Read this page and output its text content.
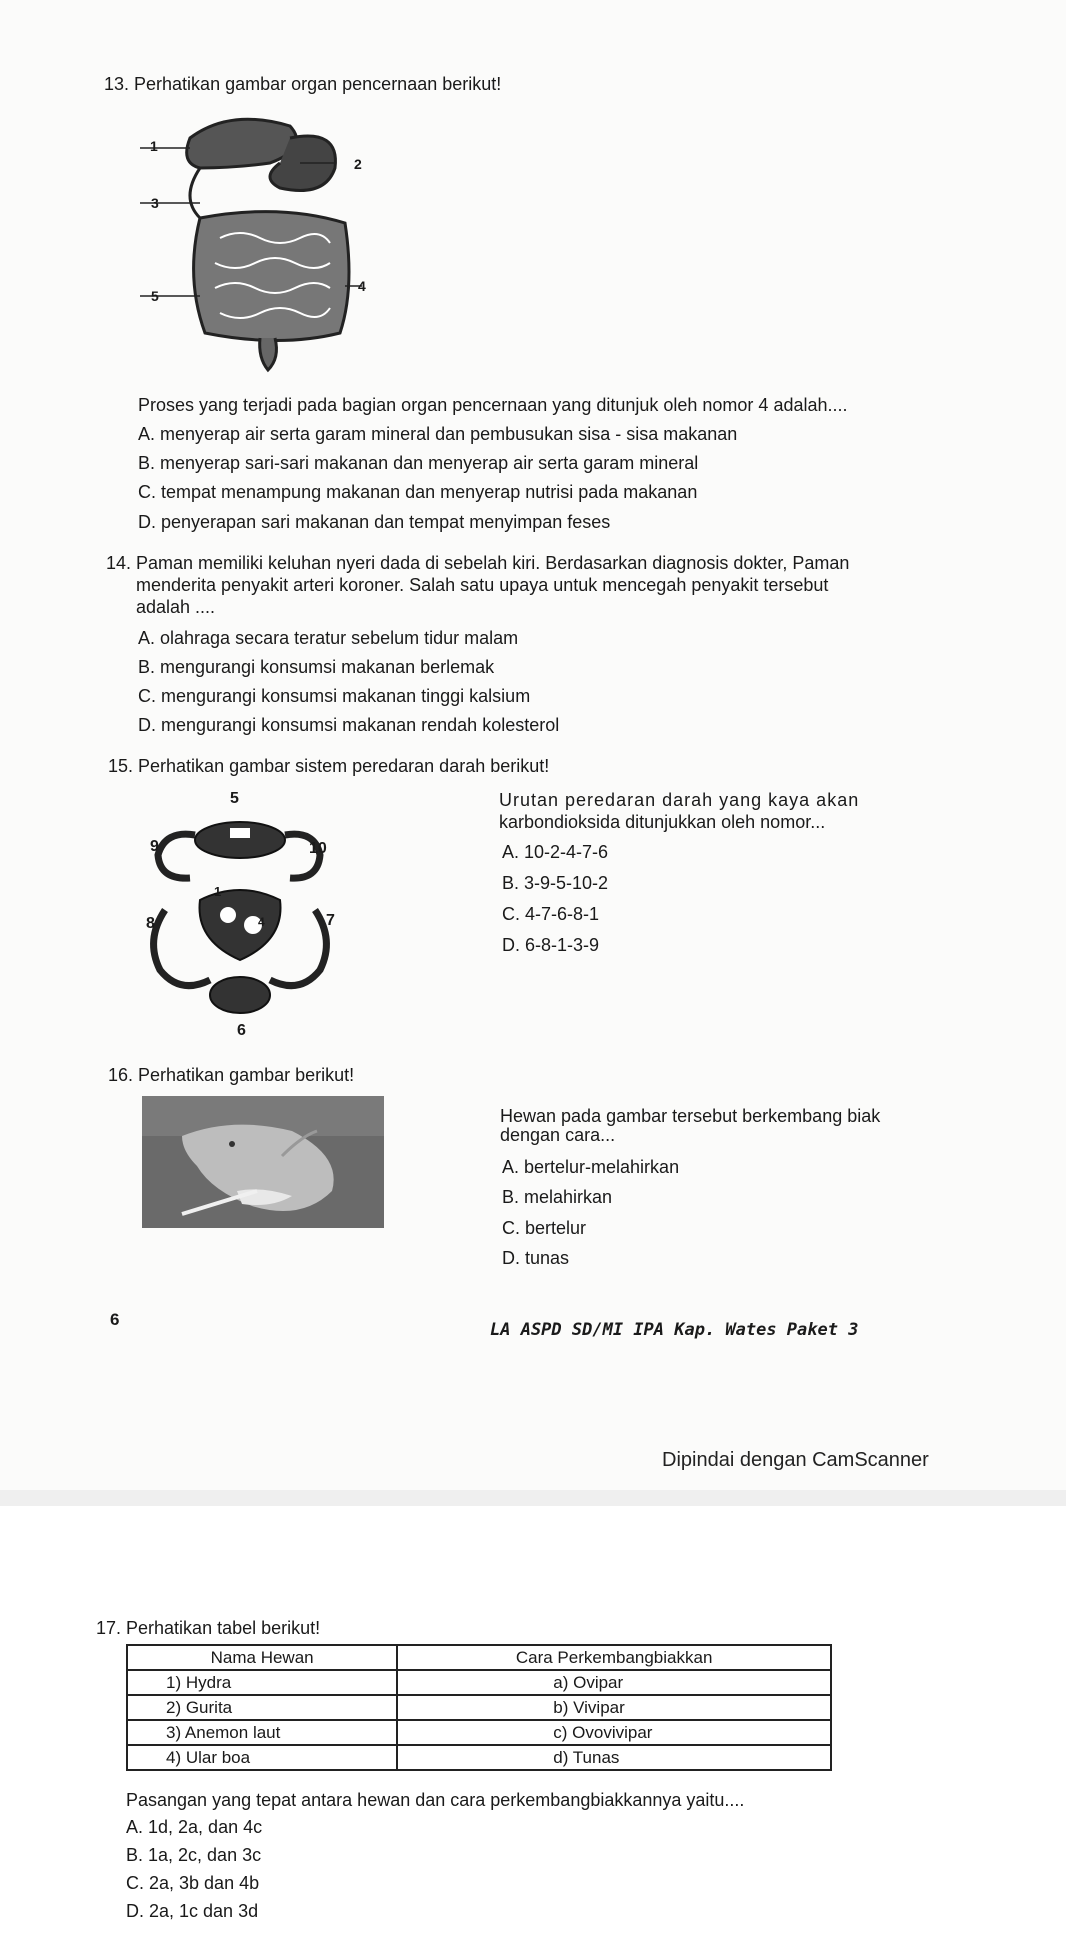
13. Perhatikan gambar organ pencernaan berikut!
1
2
3
5
4
Proses yang terjadi pada bagian organ pencernaan yang ditunjuk oleh nomor 4 adalah....
A. menyerap air serta garam mineral dan pembusukan sisa - sisa makanan
B. menyerap sari-sari makanan dan menyerap air serta garam mineral
C. tempat menampung makanan dan menyerap nutrisi pada makanan
D. penyerapan sari makanan dan tempat menyimpan feses
14. Paman memiliki keluhan nyeri dada di sebelah kiri. Berdasarkan diagnosis dokter, Paman
menderita penyakit arteri koroner. Salah satu upaya untuk mencegah penyakit tersebut
adalah ....
A. olahraga secara teratur sebelum tidur malam
B. mengurangi konsumsi makanan berlemak
C. mengurangi konsumsi makanan tinggi kalsium
D. mengurangi konsumsi makanan rendah kolesterol
15. Perhatikan gambar sistem peredaran darah berikut!
5
9	10
1
8	3 4	7
6
Urutan peredaran darah yang kaya akan
karbondioksida ditunjukkan oleh nomor...
A. 10-2-4-7-6
B. 3-9-5-10-2
C. 4-7-6-8-1
D. 6-8-1-3-9
16. Perhatikan gambar berikut!
Hewan pada gambar tersebut berkembang biak
dengan cara...
A. bertelur-melahirkan
B. melahirkan
C. bertelur
D. tunas
6
LA ASPD SD/MI IPA Kap. Wates Paket 3
Dipindai dengan CamScanner
17. Perhatikan tabel berikut!
Nama Hewan	Cara Perkembangbiakkan
1) Hydra	a) Ovipar
2) Gurita	b) Vivipar
3) Anemon laut	c) Ovovivipar
4) Ular boa	d) Tunas
Pasangan yang tepat antara hewan dan cara perkembangbiakkannya yaitu....
A. 1d, 2a, dan 4c
B. 1a, 2c, dan 3c
C. 2a, 3b dan 4b
D. 2a, 1c dan 3d
